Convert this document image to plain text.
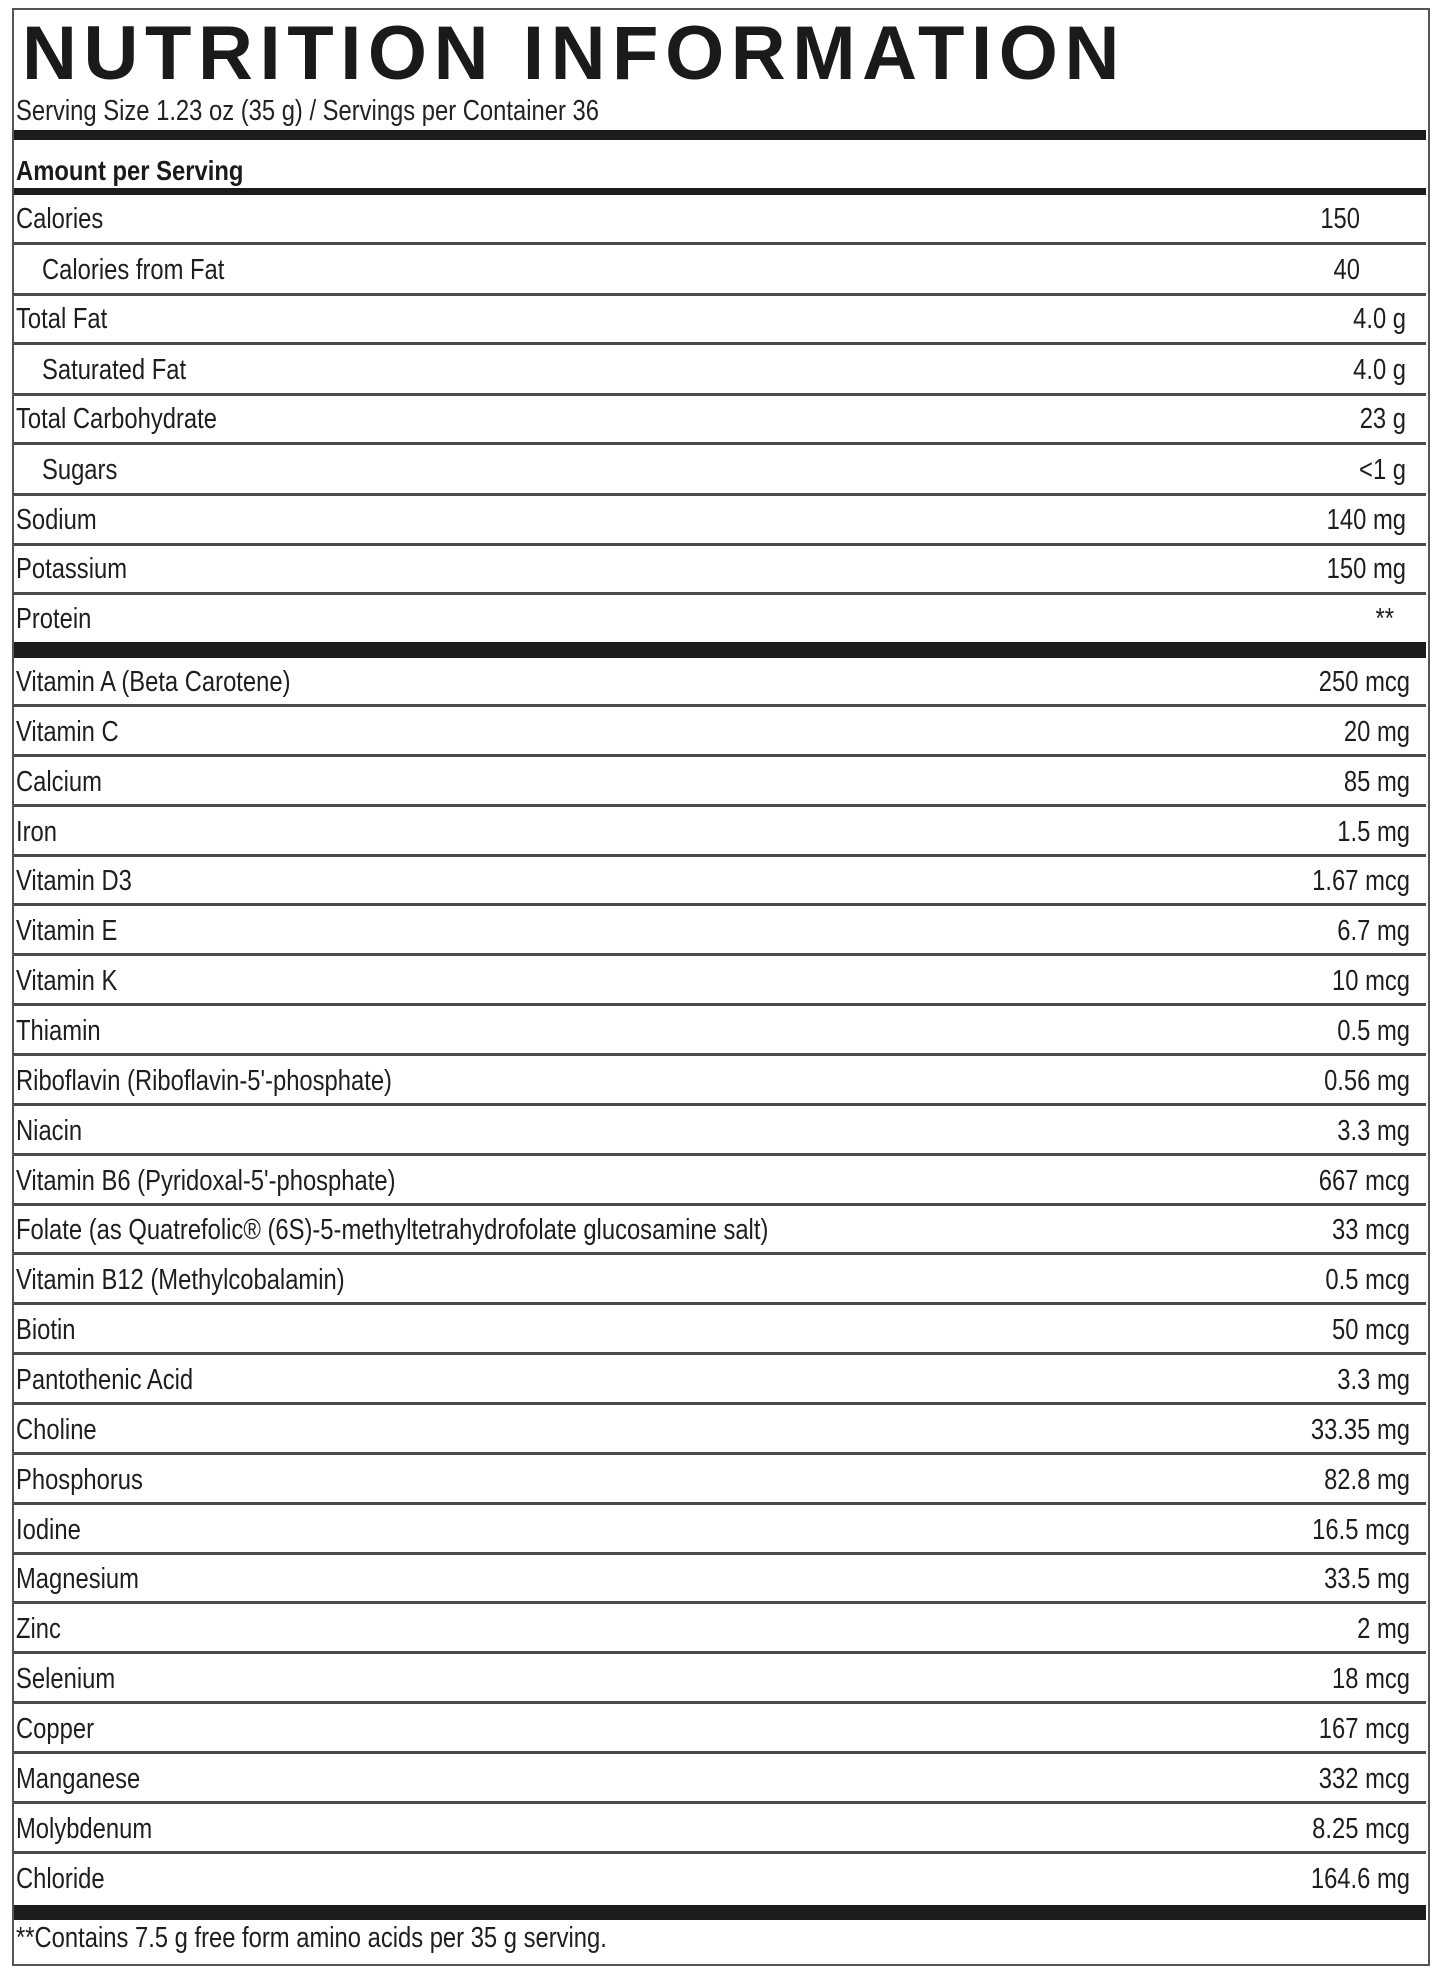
NUTRITION INFORMATION
Serving Size 1.23 oz (35 g) / Servings per Container 36
Amount per Serving
Calories	150
Calories from Fat	40
Total Fat	4.0 g
Saturated Fat	4.0 g
Total Carbohydrate	23 g
Sugars	<1 g
Sodium	140 mg
Potassium	150 mg
Protein	**
Vitamin A (Beta Carotene)	250 mcg
Vitamin C	20 mg
Calcium	85 mg
Iron	1.5 mg
Vitamin D3	1.67 mcg
Vitamin E	6.7 mg
Vitamin K	10 mcg
Thiamin	0.5 mg
Riboflavin (Riboflavin-5'-phosphate)	0.56 mg
Niacin	3.3 mg
Vitamin B6 (Pyridoxal-5'-phosphate)	667 mcg
Folate (as Quatrefolic® (6S)-5-methyltetrahydrofolate glucosamine salt)	33 mcg
Vitamin B12 (Methylcobalamin)	0.5 mcg
Biotin	50 mcg
Pantothenic Acid	3.3 mg
Choline	33.35 mg
Phosphorus	82.8 mg
Iodine	16.5 mcg
Magnesium	33.5 mg
Zinc	2 mg
Selenium	18 mcg
Copper	167 mcg
Manganese	332 mcg
Molybdenum	8.25 mcg
Chloride	164.6 mg
**Contains 7.5 g free form amino acids per 35 g serving.
